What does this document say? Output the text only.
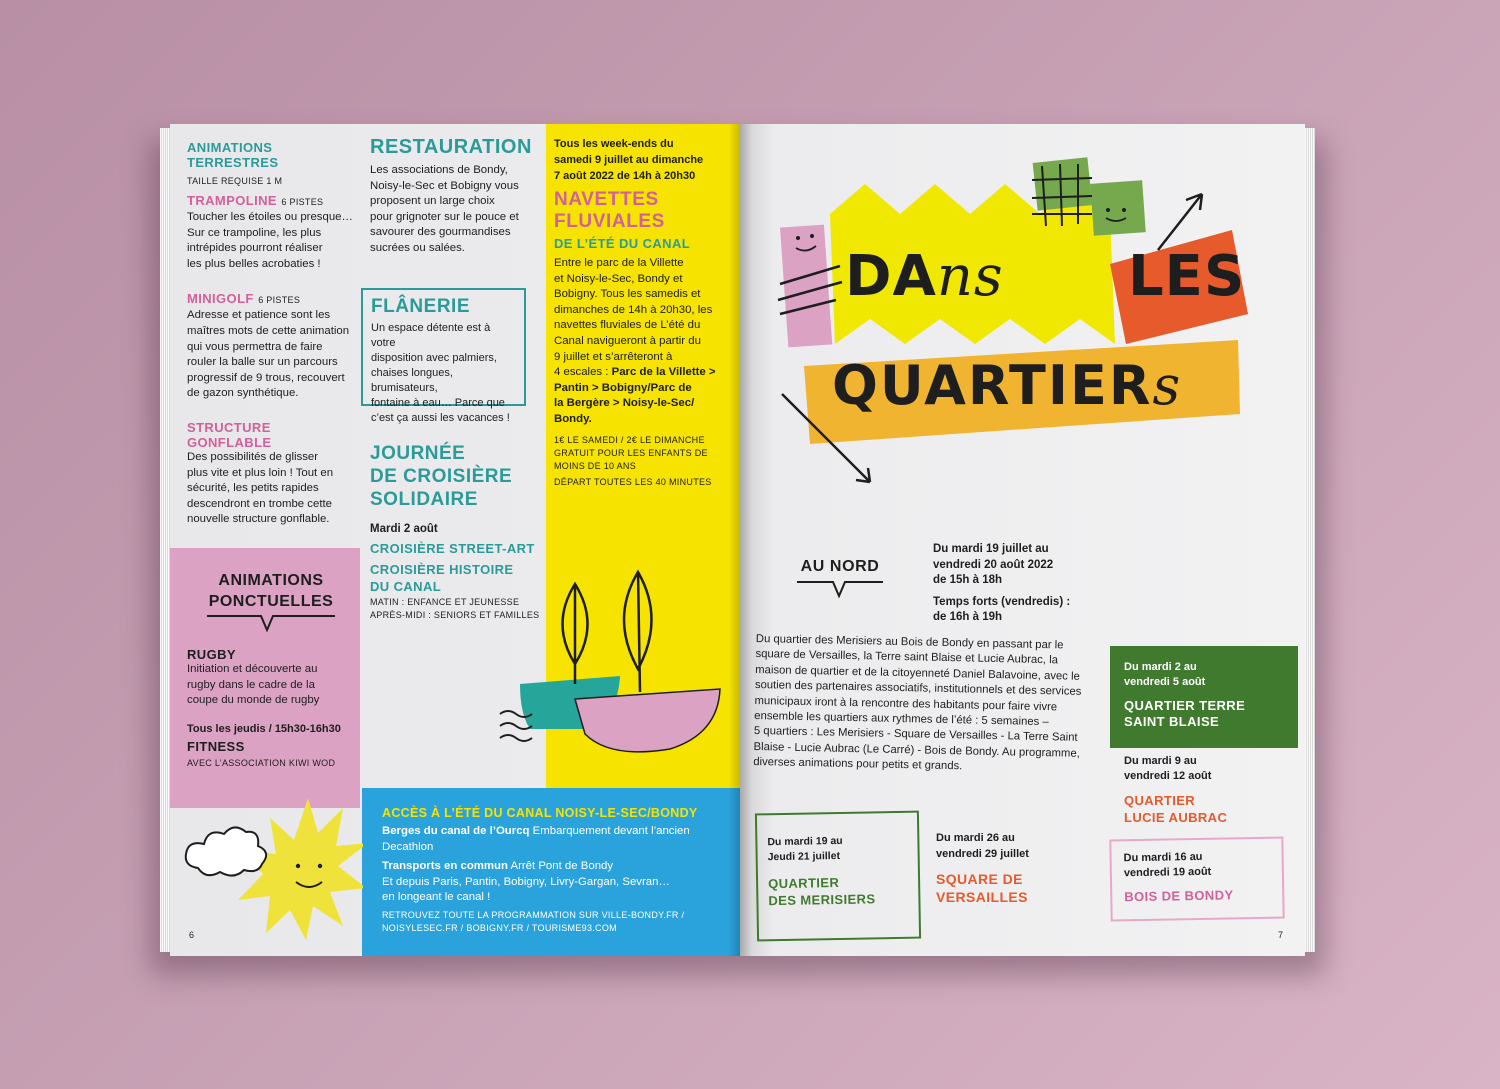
ANIMATIONS
TERRESTRES
TAILLE REQUISE 1 M
TRAMPOLINE 6 PISTES
Toucher les étoiles ou presque…
Sur ce trampoline, les plus
intrépides pourront réaliser
les plus belles acrobaties !
MINIGOLF 6 PISTES
Adresse et patience sont les
maîtres mots de cette animation
qui vous permettra de faire
rouler la balle sur un parcours
progressif de 9 trous, recouvert
de gazon synthétique.
STRUCTURE GONFLABLE
Des possibilités de glisser
plus vite et plus loin ! Tout en
sécurité, les petits rapides
descendront en trombe cette
nouvelle structure gonflable.
RESTAURATION
Les associations de Bondy,
Noisy-le-Sec et Bobigny vous
proposent un large choix
pour grignoter sur le pouce et
savourer des gourmandises
sucrées ou salées.
FLÂNERIE
Un espace détente est à votre
disposition avec palmiers,
chaises longues, brumisateurs,
fontaine à eau… Parce que
c’est ça aussi les vacances !
JOURNÉE
DE CROISIÈRE
SOLIDAIRE
Mardi 2 août
CROISIÈRE STREET-ART
CROISIÈRE HISTOIRE
DU CANAL
MATIN : ENFANCE ET JEUNESSE
APRÈS-MIDI : SENIORS ET FAMILLES
Tous les week-ends du
samedi 9 juillet au dimanche
7 août 2022 de 14h à 20h30
NAVETTES
FLUVIALES
DE L’ÉTÉ DU CANAL
Entre le parc de la Villette
et Noisy-le-Sec, Bondy et
Bobigny. Tous les samedis et
dimanches de 14h à 20h30, les
navettes fluviales de L’été du
Canal navigueront à partir du
9 juillet et s’arrêteront à
4 escales : Parc de la Villette >
Pantin > Bobigny/Parc de
la Bergère > Noisy-le-Sec/
Bondy.
1€ LE SAMEDI / 2€ LE DIMANCHE
GRATUIT POUR LES ENFANTS DE
MOINS DE 10 ANS
DÉPART TOUTES LES 40 MINUTES
ANIMATIONS
PONCTUELLES
RUGBY
Initiation et découverte au
rugby dans le cadre de la
coupe du monde de rugby
Tous les jeudis / 15h30-16h30
FITNESS
AVEC L’ASSOCIATION KIWI WOD
ACCÈS À L’ÉTÉ DU CANAL NOISY-LE-SEC/BONDY
Berges du canal de l’Ourcq Embarquement devant l’ancien
Decathlon
Transports en commun Arrêt Pont de Bondy
Et depuis Paris, Pantin, Bobigny, Livry-Gargan, Sevran…
en longeant le canal !
RETROUVEZ TOUTE LA PROGRAMMATION SUR VILLE-BONDY.FR /
NOISYLESEC.FR / BOBIGNY.FR / TOURISME93.COM
6
DAns LES
QUARTIERs
AU NORD
Du mardi 19 juillet au
vendredi 20 août 2022
de 15h à 18h
Temps forts (vendredis) :
de 16h à 19h
Du quartier des Merisiers au Bois de Bondy en passant par le
square de Versailles, la Terre saint Blaise et Lucie Aubrac, la
maison de quartier et de la citoyenneté Daniel Balavoine, avec le
soutien des partenaires associatifs, institutionnels et des services
municipaux iront à la rencontre des habitants pour faire vivre
ensemble les quartiers aux rythmes de l’été : 5 semaines –
5 quartiers : Les Merisiers - Square de Versailles - La Terre Saint
Blaise - Lucie Aubrac (Le Carré) - Bois de Bondy. Au programme,
diverses animations pour petits et grands.
Du mardi 2 au
vendredi 5 août
QUARTIER TERRE
SAINT BLAISE
Du mardi 9 au
vendredi 12 août
QUARTIER
LUCIE AUBRAC
Du mardi 16 au
vendredi 19 août
BOIS DE BONDY
Du mardi 19 au
Jeudi 21 juillet
QUARTIER
DES MERISIERS
Du mardi 26 au
vendredi 29 juillet
SQUARE DE
VERSAILLES
7
